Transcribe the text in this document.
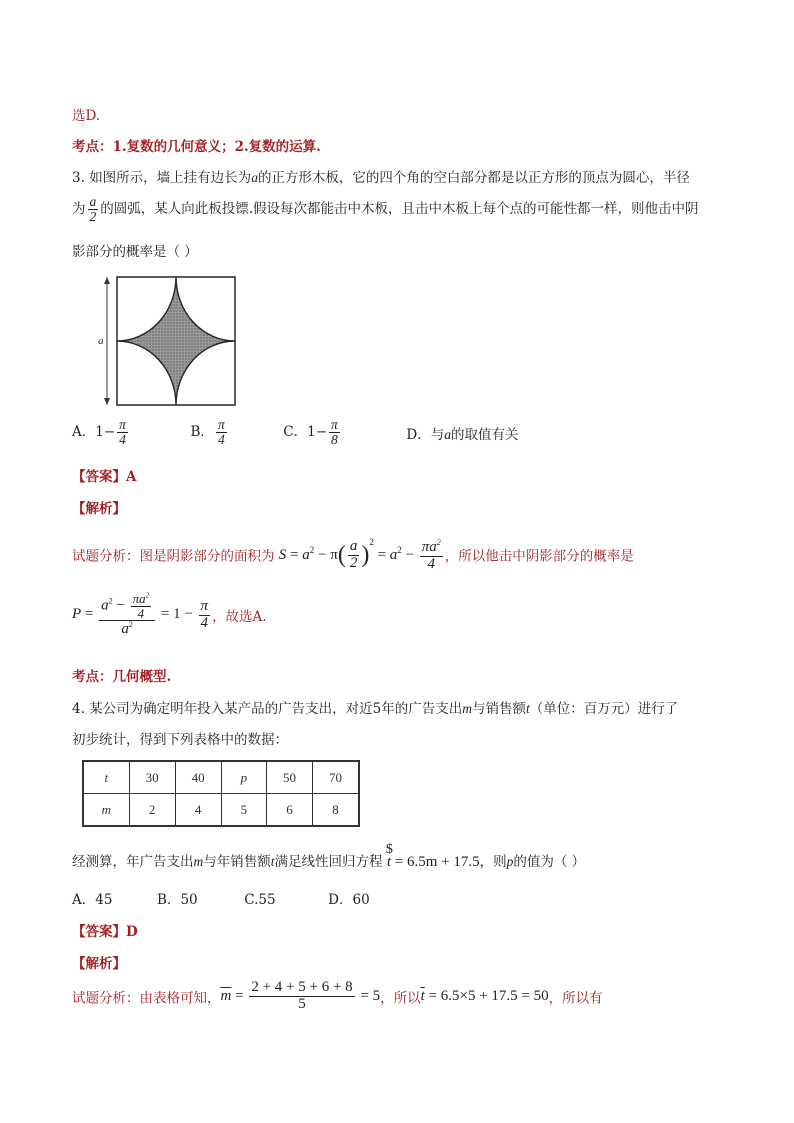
选D.
考点：1.复数的几何意义；2.复数的运算.
3. 如图所示，墙上挂有边长为a的正方形木板，它的四个角的空白部分都是以正方形的顶点为圆心，半径
为 $\frac{a}{2}$ 的圆弧，某人向此板投镖.假设每次都能击中木板，且击中木板上每个点的可能性都一样，则他击中阴
影部分的概率是（ ）
a
A．$1- \frac{\pi}{4}$	B． $\frac{\pi}{4}$	C．$1- \frac{\pi}{8}$	D．与a的取值有关
【答案】A
【解析】
试题分析：图是阴影部分的面积为 $S = a^2 - \pi( \frac{a}{2} )^2 = a^2 - \frac{\pi a^2}{4}$ ，所以他击中阴影部分的概率是
$P = \frac{a^2 - \frac{\pi a^2}{4}}{a^2} = 1 - \frac{\pi}{4}$ ，故选A.
考点：几何概型.
4. 某公司为确定明年投入某产品的广告支出，对近5年的广告支出m与销售额t（单位：百万元）进行了
初步统计，得到下列表格中的数据：
t	30	40	p	50	70
m	2	4	5	6	8
经测算，年广告支出m与年销售额t满足线性回归方程 t
$
= 6.5m + 17.5，则p的值为（ ）
A．45	B．50	C.55	D．60
【答案】D
【解析】
试题分析：由表格可知，$\overline{m} = \frac{2 + 4 + 5 + 6 + 8}{5} = 5$，所以$\overline{t} = 6.5\times 5 + 17.5 = 50$，所以有
